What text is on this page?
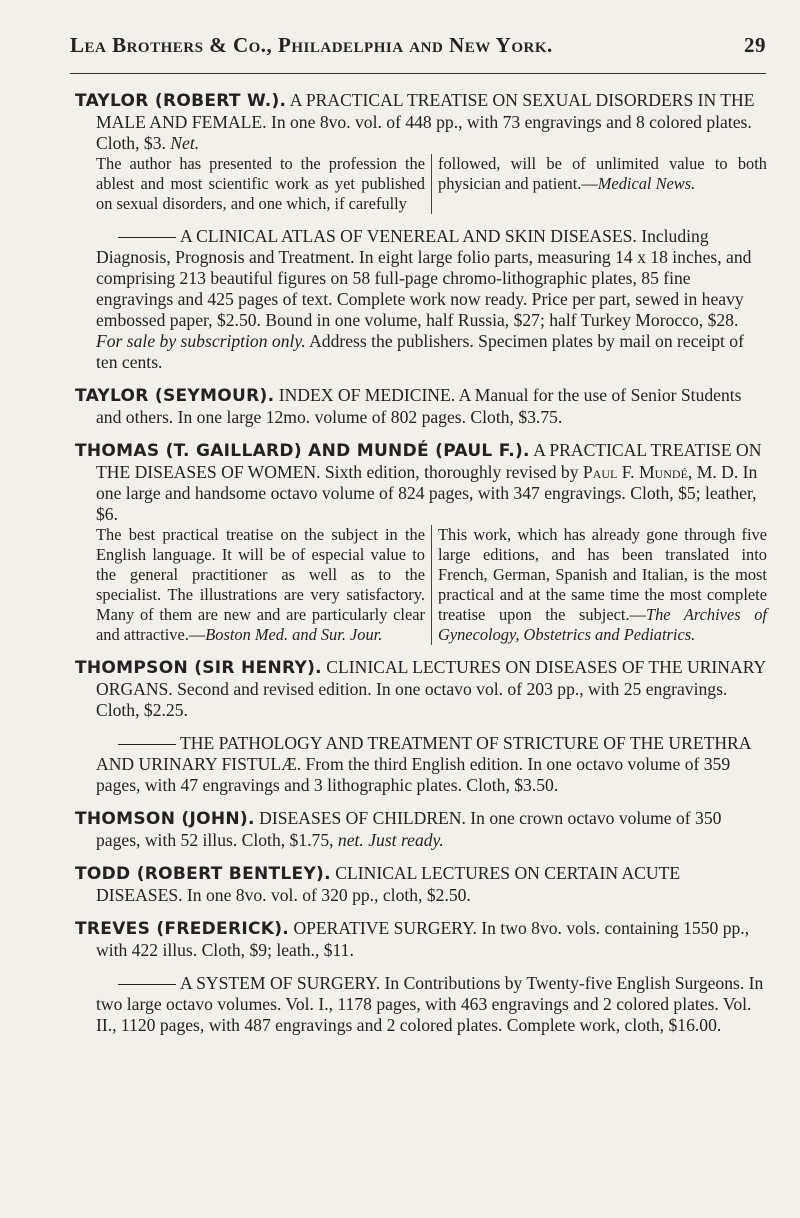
Lea Brothers & Co., Philadelphia and New York.	29
TAYLOR (ROBERT W.). A PRACTICAL TREATISE ON SEXUAL DISORDERS IN THE MALE AND FEMALE. In one 8vo. vol. of 448 pp., with 73 engravings and 8 colored plates. Cloth, $3. Net.
The author has presented to the profession the ablest and most scientific work as yet published on sexual disorders, and one which, if carefully
followed, will be of unlimited value to both physician and patient.—Medical News.
A CLINICAL ATLAS OF VENEREAL AND SKIN DISEASES. Including Diagnosis, Prognosis and Treatment. In eight large folio parts, measuring 14 x 18 inches, and comprising 213 beautiful figures on 58 full-page chromo-lithographic plates, 85 fine engravings and 425 pages of text. Complete work now ready. Price per part, sewed in heavy embossed paper, $2.50. Bound in one volume, half Russia, $27; half Turkey Morocco, $28. For sale by subscription only. Address the publishers. Specimen plates by mail on receipt of ten cents.
TAYLOR (SEYMOUR). INDEX OF MEDICINE. A Manual for the use of Senior Students and others. In one large 12mo. volume of 802 pages. Cloth, $3.75.
THOMAS (T. GAILLARD) AND MUNDÉ (PAUL F.). A PRACTICAL TREATISE ON THE DISEASES OF WOMEN. Sixth edition, thoroughly revised by Paul F. Mundé, M. D. In one large and handsome octavo volume of 824 pages, with 347 engravings. Cloth, $5; leather, $6.
The best practical treatise on the subject in the English language. It will be of especial value to the general practitioner as well as to the specialist. The illustrations are very satisfactory. Many of them are new and are particularly clear and attractive.—Boston Med. and Sur. Jour.
This work, which has already gone through five large editions, and has been translated into French, German, Spanish and Italian, is the most practical and at the same time the most complete treatise upon the subject.—The Archives of Gynecology, Obstetrics and Pediatrics.
THOMPSON (SIR HENRY). CLINICAL LECTURES ON DISEASES OF THE URINARY ORGANS. Second and revised edition. In one octavo vol. of 203 pp., with 25 engravings. Cloth, $2.25.
THE PATHOLOGY AND TREATMENT OF STRICTURE OF THE URETHRA AND URINARY FISTULÆ. From the third English edition. In one octavo volume of 359 pages, with 47 engravings and 3 lithographic plates. Cloth, $3.50.
THOMSON (JOHN). DISEASES OF CHILDREN. In one crown octavo volume of 350 pages, with 52 illus. Cloth, $1.75, net. Just ready.
TODD (ROBERT BENTLEY). CLINICAL LECTURES ON CERTAIN ACUTE DISEASES. In one 8vo. vol. of 320 pp., cloth, $2.50.
TREVES (FREDERICK). OPERATIVE SURGERY. In two 8vo. vols. containing 1550 pp., with 422 illus. Cloth, $9; leath., $11.
A SYSTEM OF SURGERY. In Contributions by Twenty-five English Surgeons. In two large octavo volumes. Vol. I., 1178 pages, with 463 engravings and 2 colored plates. Vol. II., 1120 pages, with 487 engravings and 2 colored plates. Complete work, cloth, $16.00.
